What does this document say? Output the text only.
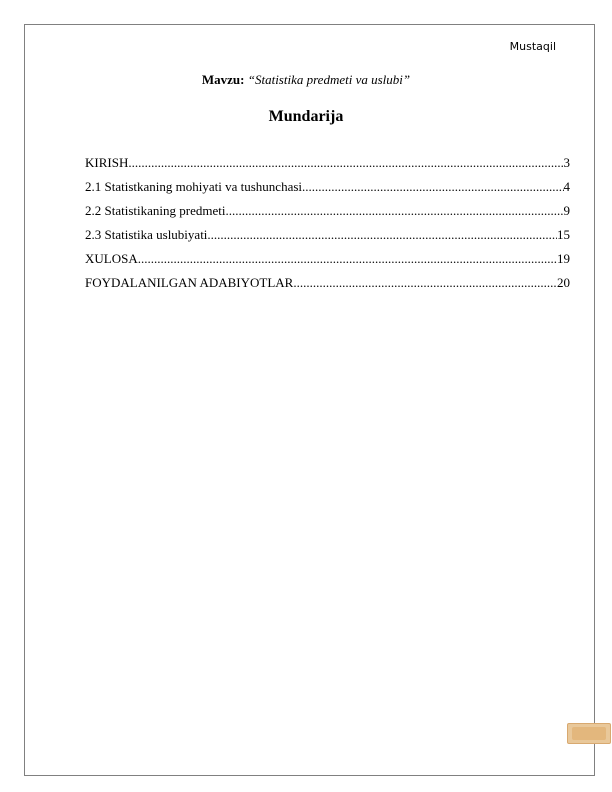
Mustaqil
Mavzu: “Statistika predmeti va uslubi”
Mundarija
KIRISH .....	3
2.1 Statistkaning mohiyati va tushunchasi .....	4
2.2 Statistikaning predmeti .....	9
2.3 Statistika uslubiyati .....	15
XULOSA .....	19
FOYDALANILGAN ADABIYOTLAR .....	20
